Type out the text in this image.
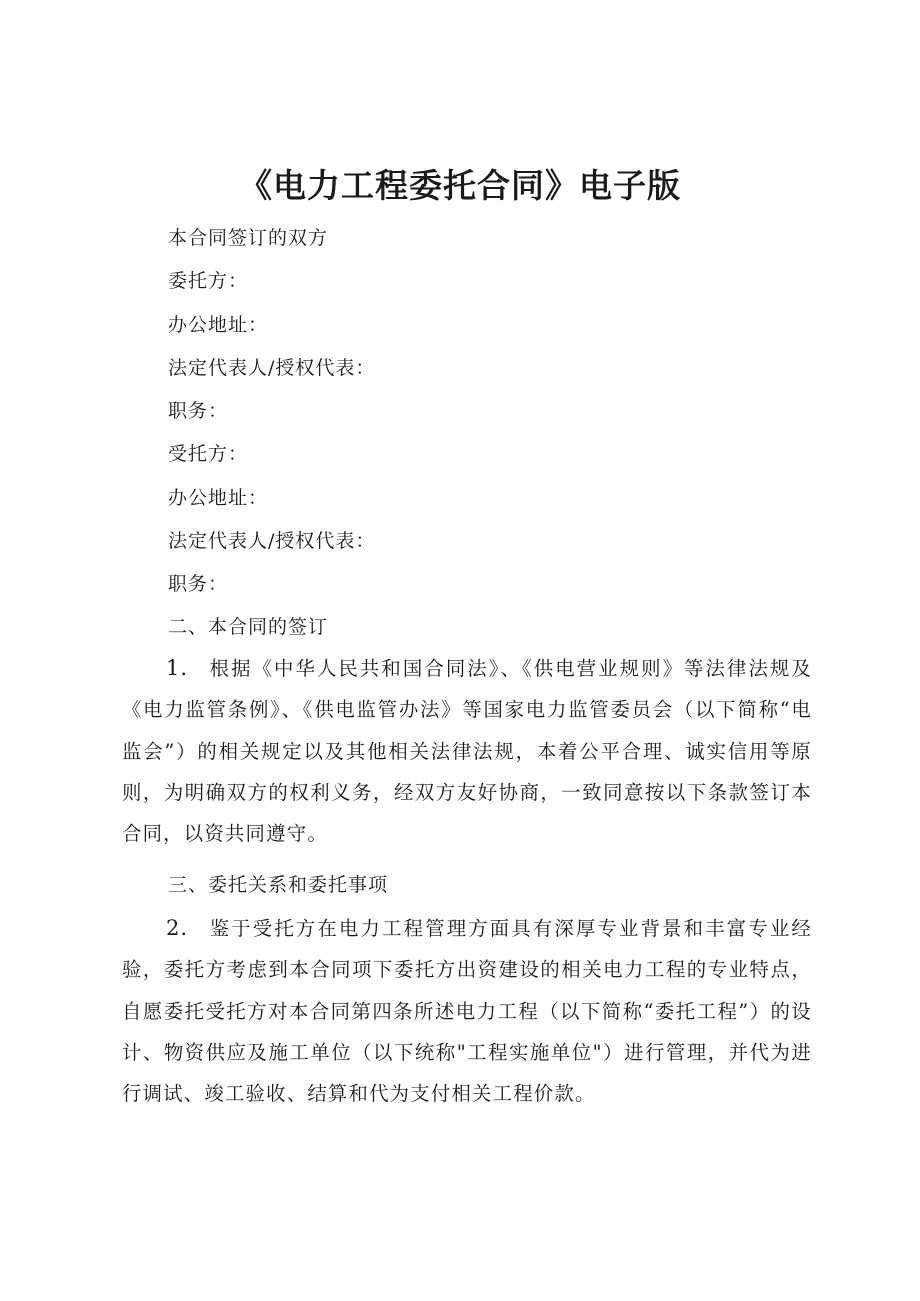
《电力工程委托合同》电子版
本合同签订的双方
委托方：
办公地址：
法定代表人/授权代表：
职务：
受托方：
办公地址：
法定代表人/授权代表：
职务：
二、本合同的签订

1． 根据《中华人民共和国合同法》、《供电营业规则》等法律法规及《电力监管条例》、《供电监管办法》等国家电力监管委员会（以下简称“电监会”）的相关规定以及其他相关法律法规，本着公平合理、诚实信用等原则，为明确双方的权利义务，经双方友好协商，一致同意按以下条款签订本合同，以资共同遵守。

三、委托关系和委托事项

2． 鉴于受托方在电力工程管理方面具有深厚专业背景和丰富专业经验，委托方考虑到本合同项下委托方出资建设的相关电力工程的专业特点，自愿委托受托方对本合同第四条所述电力工程（以下简称“委托工程”）的设计、物资供应及施工单位（以下统称"工程实施单位"）进行管理，并代为进行调试、竣工验收、结算和代为支付相关工程价款。
